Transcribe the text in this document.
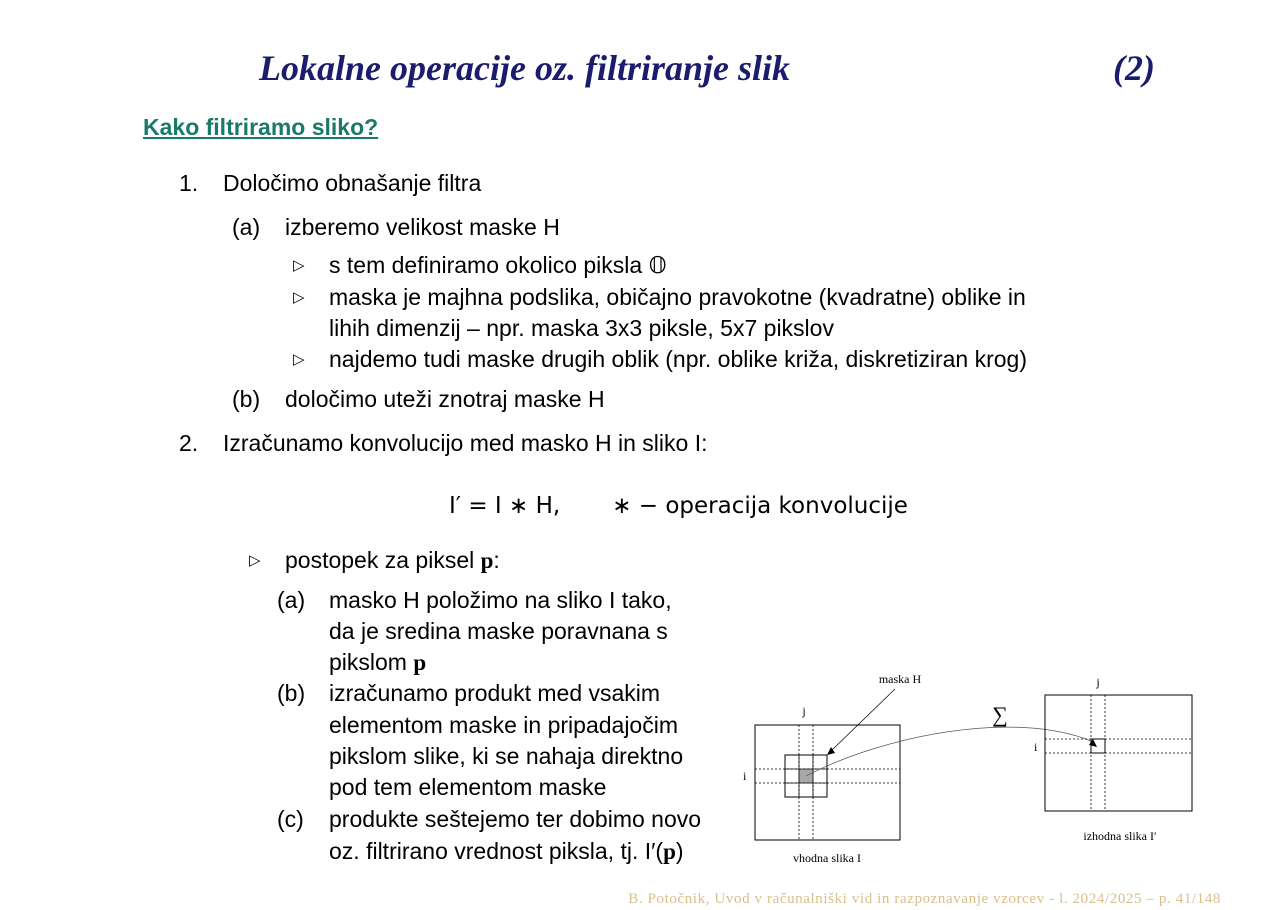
Lokalne operacije oz. filtriranje slik	(2)
Kako filtriramo sliko?
1. Določimo obnašanje filtra
(a) izberemo velikost maske H
▷ s tem definiramo okolico piksla 𝕆
▷ maska je majhna podslika, običajno pravokotne (kvadratne) oblike in
lihih dimenzij – npr. maska 3x3 piksle, 5x7 pikslov
▷ najdemo tudi maske drugih oblik (npr. oblike križa, diskretiziran krog)
(b) določimo uteži znotraj maske H
2. Izračunamo konvolucijo med masko H in sliko I:
I′ = I ∗ H, ∗ − operacija konvolucije
▷ postopek za piksel p:
(a) masko H položimo na sliko I tako,
da je sredina maske poravnana s
pikslom p
(b) izračunamo produkt med vsakim
elementom maske in pripadajočim
pikslom slike, ki se nahaja direktno
pod tem elementom maske
(c) produkte seštejemo ter dobimo novo
oz. filtrirano vrednost piksla, tj. I′(p)
j
i
vhodna slika I
maska H
∑
j
i
izhodna slika I′
B. Potočnik, Uvod v računalniški vid in razpoznavanje vzorcev - l. 2024/2025 – p. 41/148
